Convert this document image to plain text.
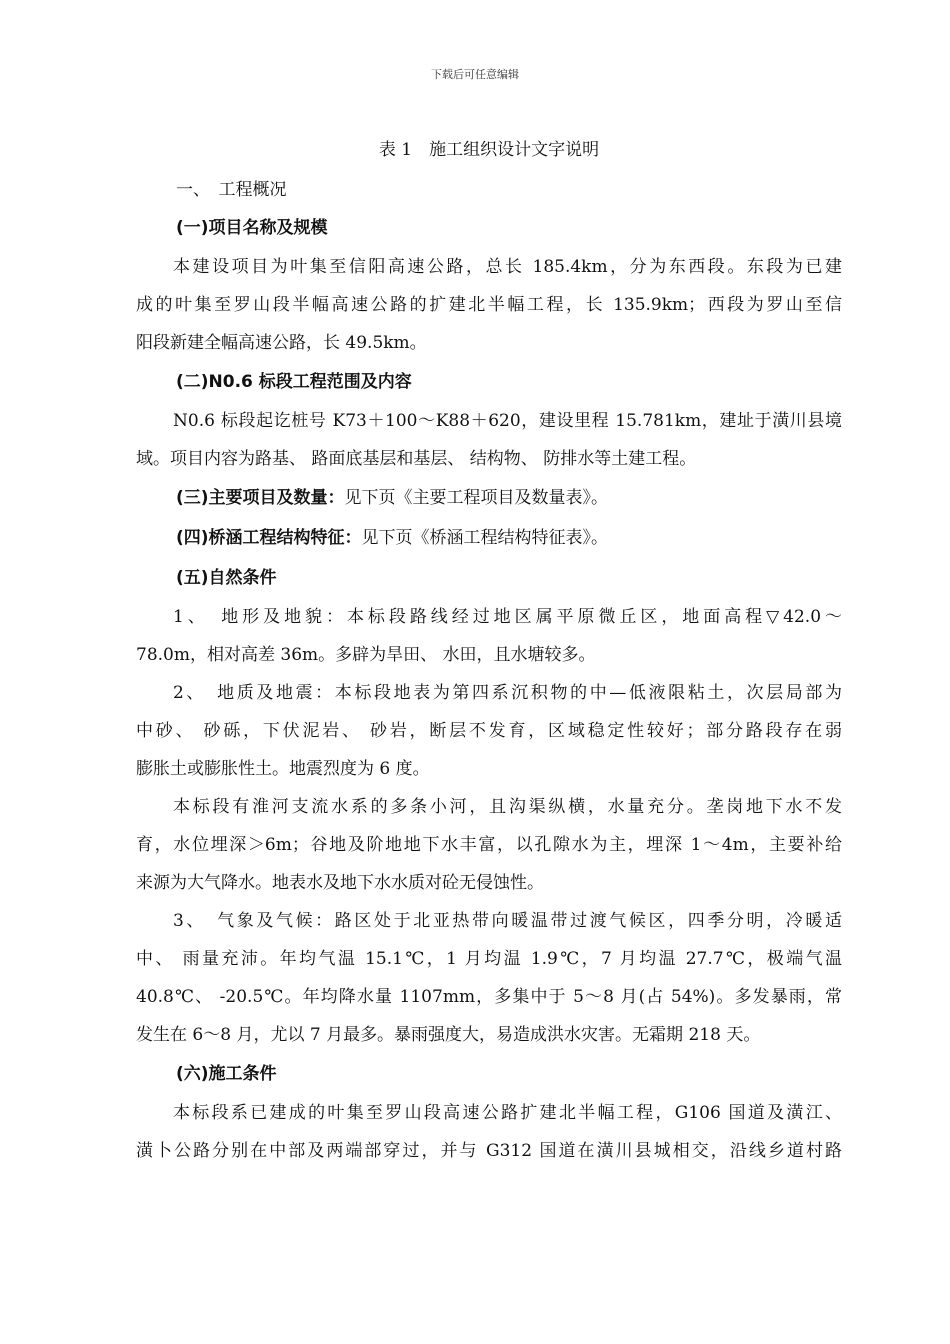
下载后可任意编辑
表 1　施工组织设计文字说明
一、　工程概况
(一)项目名称及规模
本建设项目为叶集至信阳高速公路，总长 185.4km，分为东西段。东段为已建
成的叶集至罗山段半幅高速公路的扩建北半幅工程，长 135.9km；西段为罗山至信
阳段新建全幅高速公路，长 49.5km。
(二)N0.6 标段工程范围及内容
N0.6 标段起讫桩号 K73＋100～K88＋620，建设里程 15.781km，建址于潢川县境
域。项目内容为路基、 路面底基层和基层、 结构物、 防排水等土建工程。
(三)主要项目及数量：见下页《主要工程项目及数量表》。
(四)桥涵工程结构特征：见下页《桥涵工程结构特征表》。
(五)自然条件
1、　地形及地貌：本标段路线经过地区属平原微丘区，地面高程▽42.0～
78.0m，相对高差 36m。多辟为旱田、 水田，且水塘较多。
2、　地质及地震：本标段地表为第四系沉积物的中—低液限粘土，次层局部为
中砂、 砂砾，下伏泥岩、 砂岩，断层不发育，区域稳定性较好；部分路段存在弱
膨胀土或膨胀性土。地震烈度为 6 度。
本标段有淮河支流水系的多条小河，且沟渠纵横，水量充分。垄岗地下水不发
育，水位埋深＞6m；谷地及阶地地下水丰富，以孔隙水为主，埋深 1～4m，主要补给
来源为大气降水。地表水及地下水水质对砼无侵蚀性。
3、　气象及气候：路区处于北亚热带向暖温带过渡气候区，四季分明，冷暖适
中、 雨量充沛。年均气温 15.1℃，1 月均温 1.9℃，7 月均温 27.7℃，极端气温
40.8℃、 -20.5℃。年均降水量 1107mm，多集中于 5～8 月(占 54%)。多发暴雨，常
发生在 6～8 月，尤以 7 月最多。暴雨强度大，易造成洪水灾害。无霜期 218 天。
(六)施工条件
本标段系已建成的叶集至罗山段高速公路扩建北半幅工程，G106 国道及潢江、
潢卜公路分别在中部及两端部穿过，并与 G312 国道在潢川县城相交，沿线乡道村路
